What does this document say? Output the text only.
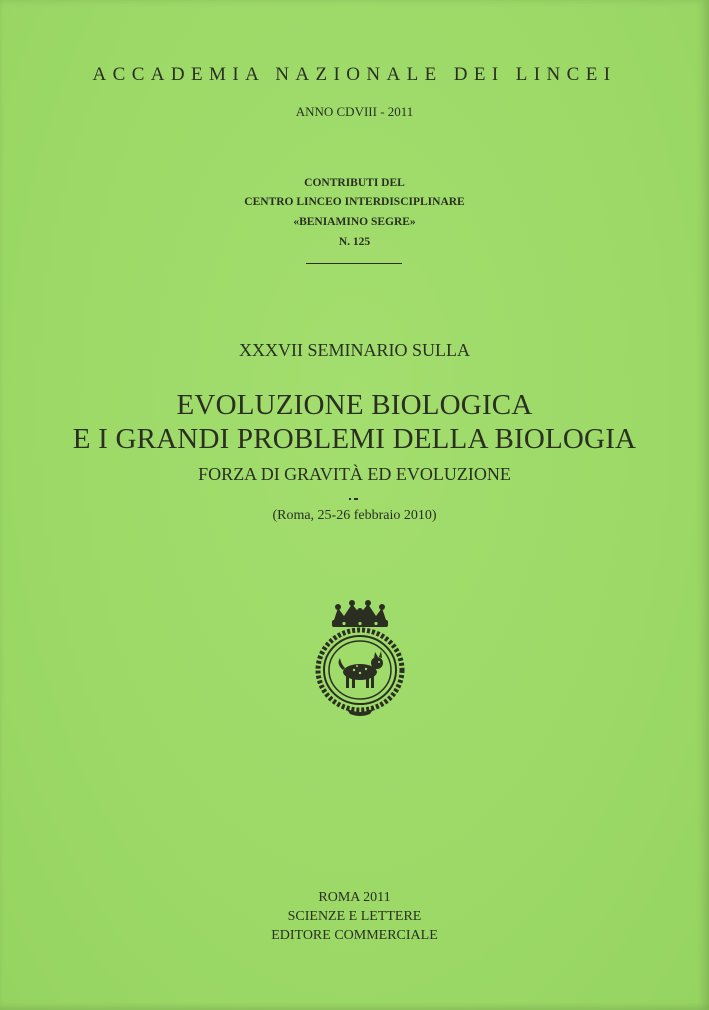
ACCADEMIA NAZIONALE DEI LINCEI
ANNO CDVIII - 2011
CONTRIBUTI DEL
CENTRO LINCEO INTERDISCIPLINARE
«BENIAMINO SEGRE»
N. 125
XXXVII SEMINARIO SULLA
EVOLUZIONE BIOLOGICA
E I GRANDI PROBLEMI DELLA BIOLOGIA
FORZA DI GRAVITÀ ED EVOLUZIONE
(Roma, 25-26 febbraio 2010)
ROMA 2011
SCIENZE E LETTERE
EDITORE COMMERCIALE
